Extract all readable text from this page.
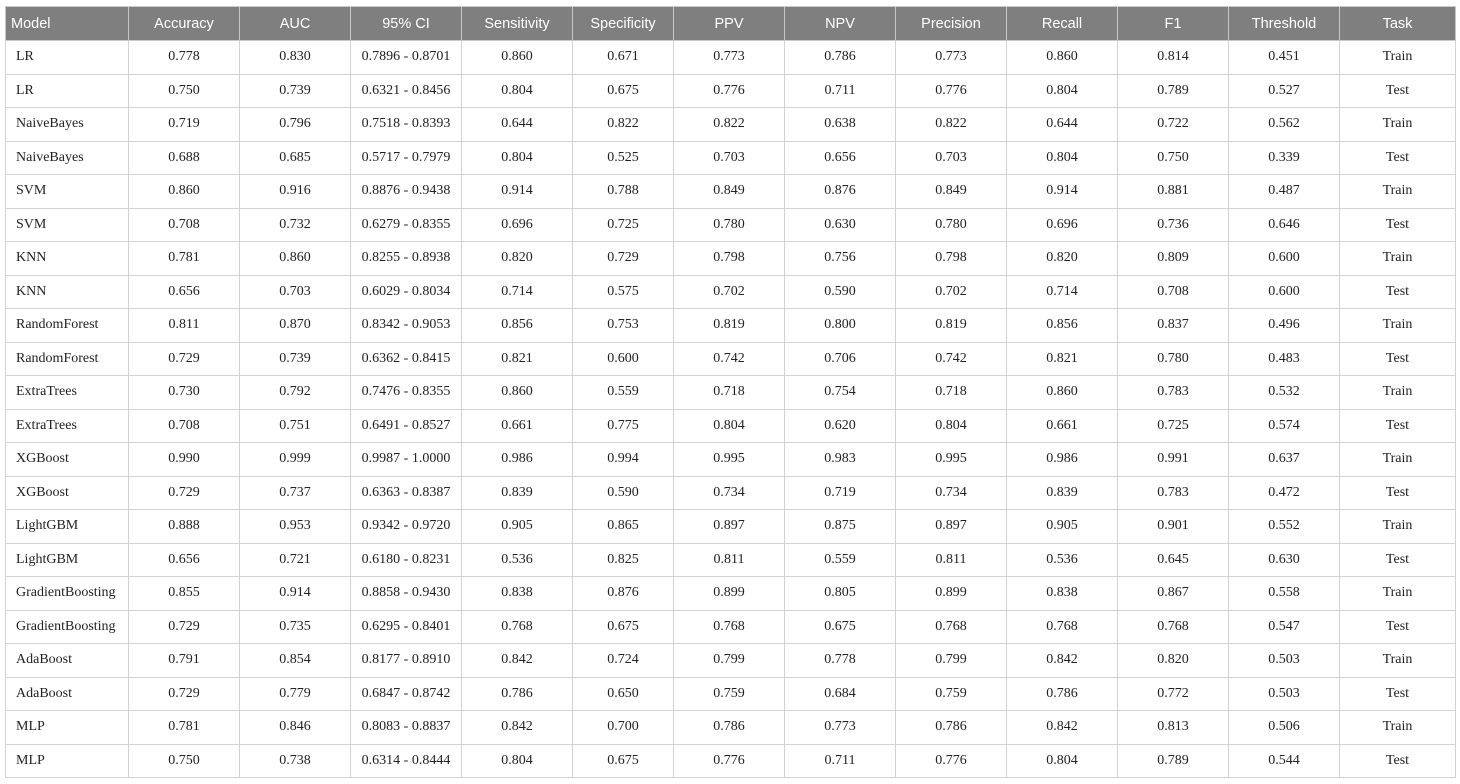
Model	Accuracy	AUC	95% CI	Sensitivity	Specificity	PPV	NPV	Precision	Recall	F1	Threshold	Task
LR	0.778	0.830	0.7896 - 0.8701	0.860	0.671	0.773	0.786	0.773	0.860	0.814	0.451	Train
LR	0.750	0.739	0.6321 - 0.8456	0.804	0.675	0.776	0.711	0.776	0.804	0.789	0.527	Test
NaiveBayes	0.719	0.796	0.7518 - 0.8393	0.644	0.822	0.822	0.638	0.822	0.644	0.722	0.562	Train
NaiveBayes	0.688	0.685	0.5717 - 0.7979	0.804	0.525	0.703	0.656	0.703	0.804	0.750	0.339	Test
SVM	0.860	0.916	0.8876 - 0.9438	0.914	0.788	0.849	0.876	0.849	0.914	0.881	0.487	Train
SVM	0.708	0.732	0.6279 - 0.8355	0.696	0.725	0.780	0.630	0.780	0.696	0.736	0.646	Test
KNN	0.781	0.860	0.8255 - 0.8938	0.820	0.729	0.798	0.756	0.798	0.820	0.809	0.600	Train
KNN	0.656	0.703	0.6029 - 0.8034	0.714	0.575	0.702	0.590	0.702	0.714	0.708	0.600	Test
RandomForest	0.811	0.870	0.8342 - 0.9053	0.856	0.753	0.819	0.800	0.819	0.856	0.837	0.496	Train
RandomForest	0.729	0.739	0.6362 - 0.8415	0.821	0.600	0.742	0.706	0.742	0.821	0.780	0.483	Test
ExtraTrees	0.730	0.792	0.7476 - 0.8355	0.860	0.559	0.718	0.754	0.718	0.860	0.783	0.532	Train
ExtraTrees	0.708	0.751	0.6491 - 0.8527	0.661	0.775	0.804	0.620	0.804	0.661	0.725	0.574	Test
XGBoost	0.990	0.999	0.9987 - 1.0000	0.986	0.994	0.995	0.983	0.995	0.986	0.991	0.637	Train
XGBoost	0.729	0.737	0.6363 - 0.8387	0.839	0.590	0.734	0.719	0.734	0.839	0.783	0.472	Test
LightGBM	0.888	0.953	0.9342 - 0.9720	0.905	0.865	0.897	0.875	0.897	0.905	0.901	0.552	Train
LightGBM	0.656	0.721	0.6180 - 0.8231	0.536	0.825	0.811	0.559	0.811	0.536	0.645	0.630	Test
GradientBoosting	0.855	0.914	0.8858 - 0.9430	0.838	0.876	0.899	0.805	0.899	0.838	0.867	0.558	Train
GradientBoosting	0.729	0.735	0.6295 - 0.8401	0.768	0.675	0.768	0.675	0.768	0.768	0.768	0.547	Test
AdaBoost	0.791	0.854	0.8177 - 0.8910	0.842	0.724	0.799	0.778	0.799	0.842	0.820	0.503	Train
AdaBoost	0.729	0.779	0.6847 - 0.8742	0.786	0.650	0.759	0.684	0.759	0.786	0.772	0.503	Test
MLP	0.781	0.846	0.8083 - 0.8837	0.842	0.700	0.786	0.773	0.786	0.842	0.813	0.506	Train
MLP	0.750	0.738	0.6314 - 0.8444	0.804	0.675	0.776	0.711	0.776	0.804	0.789	0.544	Test
